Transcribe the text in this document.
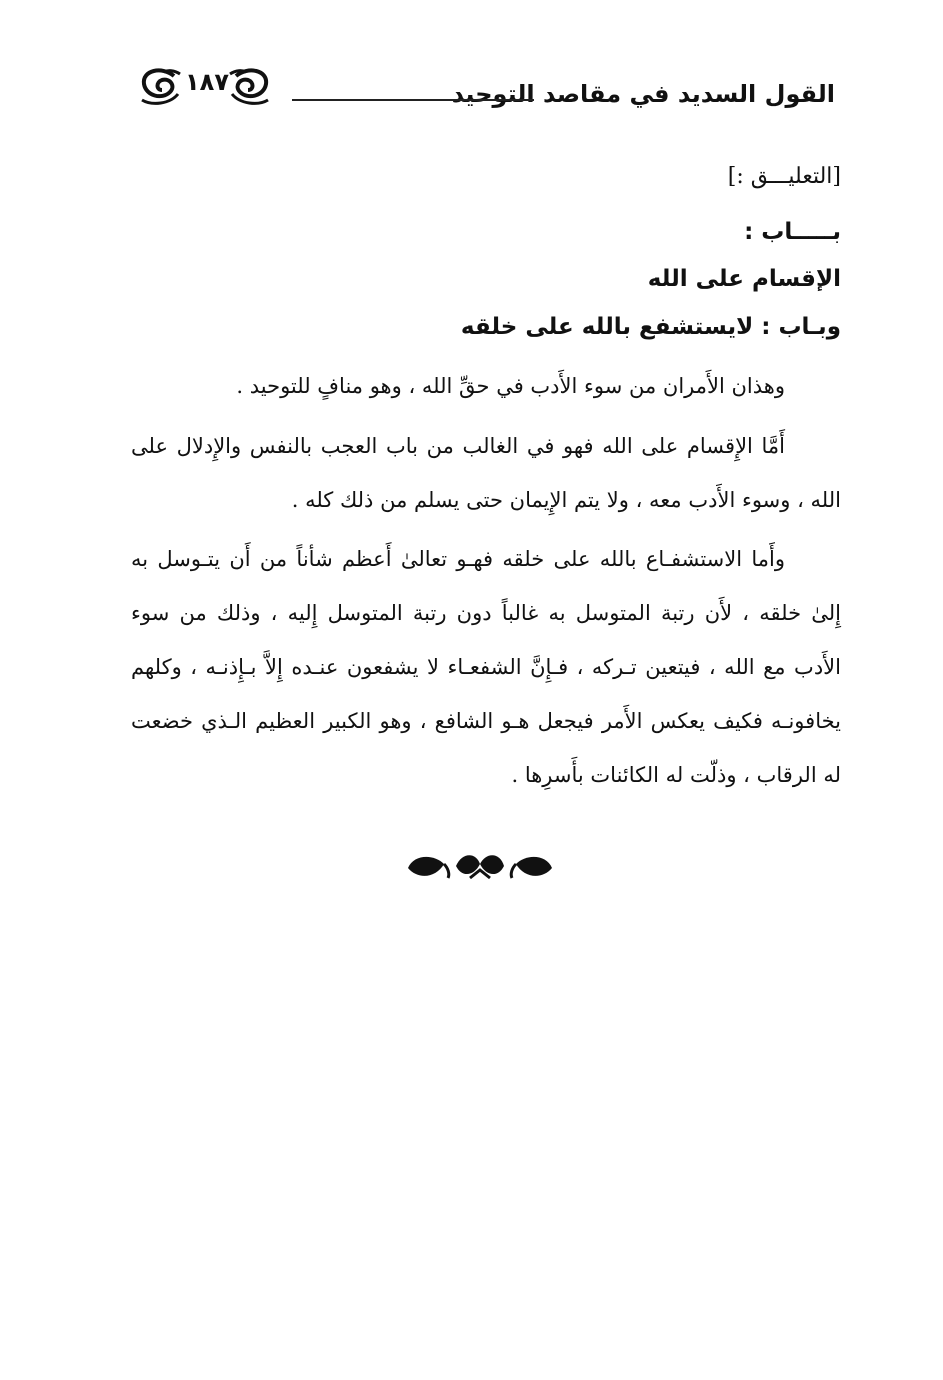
القول السديد في مقاصد التوحيد
١٨٧
[التعليـــق :]
بـــــاب :
الإقسام على الله
وبـاب : لايستشفع بالله على خلقه

وهذان الأَمران من سوء الأَدب في حقِّ الله ، وهو منافٍ للتوحيد .

أَمَّا الإِقسام على الله فهو في الغالب من باب العجب بالنفس والإِدلال على الله ، وسوء الأَدب معه ، ولا يتم الإِيمان حتى يسلم من ذلك كله .

وأَما الاستشفـاع بالله على خلقه فهـو تعالىٰ أَعظم شأناً من أَن يتـوسل به إِلىٰ خلقه ، لأَن رتبة المتوسل به غالباً دون رتبة المتوسل إِليه ، وذلك من سوء الأَدب مع الله ، فيتعين تـركه ، فـإِنَّ الشفعـاء لا يشفعون عنـده إِلاَّ بـإِذنـه ، وكلهم يخافونـه فكيف يعكس الأَمر فيجعل هـو الشافع ، وهو الكبير العظيم الـذي خضعت له الرقاب ، وذلّت له الكائنات بأَسرِها .
